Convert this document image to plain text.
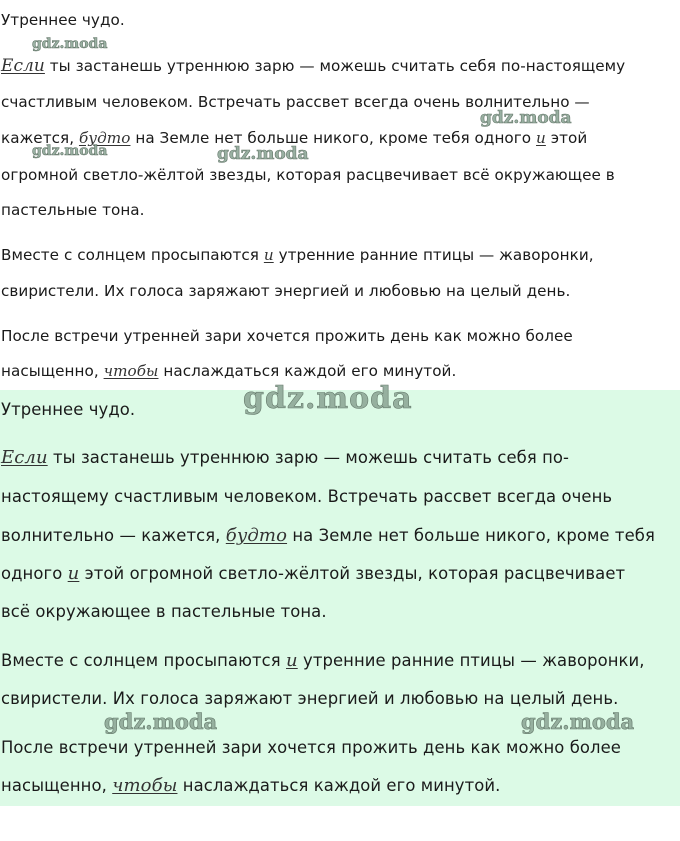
Утреннее чудо.
Если ты застанешь утреннюю зарю — можешь считать себя по-настоящему
счастливым человеком. Встречать рассвет всегда очень волнительно —
кажется, будто на Земле нет больше никого, кроме тебя одного и этой
огромной светло-жёлтой звезды, которая расцвечивает всё окружающее в
пастельные тона.
Вместе с солнцем просыпаются и утренние ранние птицы — жаворонки,
свиристели. Их голоса заряжают энергией и любовью на целый день.
После встречи утренней зари хочется прожить день как можно более
насыщенно, чтобы наслаждаться каждой его минутой.
Утреннее чудо.
Если ты застанешь утреннюю зарю — можешь считать себя по-
настоящему счастливым человеком. Встречать рассвет всегда очень
волнительно — кажется, будто на Земле нет больше никого, кроме тебя
одного и этой огромной светло-жёлтой звезды, которая расцвечивает
всё окружающее в пастельные тона.
Вместе с солнцем просыпаются и утренние ранние птицы — жаворонки,
свиристели. Их голоса заряжают энергией и любовью на целый день.
После встречи утренней зари хочется прожить день как можно более
насыщенно, чтобы наслаждаться каждой его минутой.
gdz.moda
gdz.moda
gdz.moda	gdz.moda
gdz.moda
gdz.moda	gdz.moda
